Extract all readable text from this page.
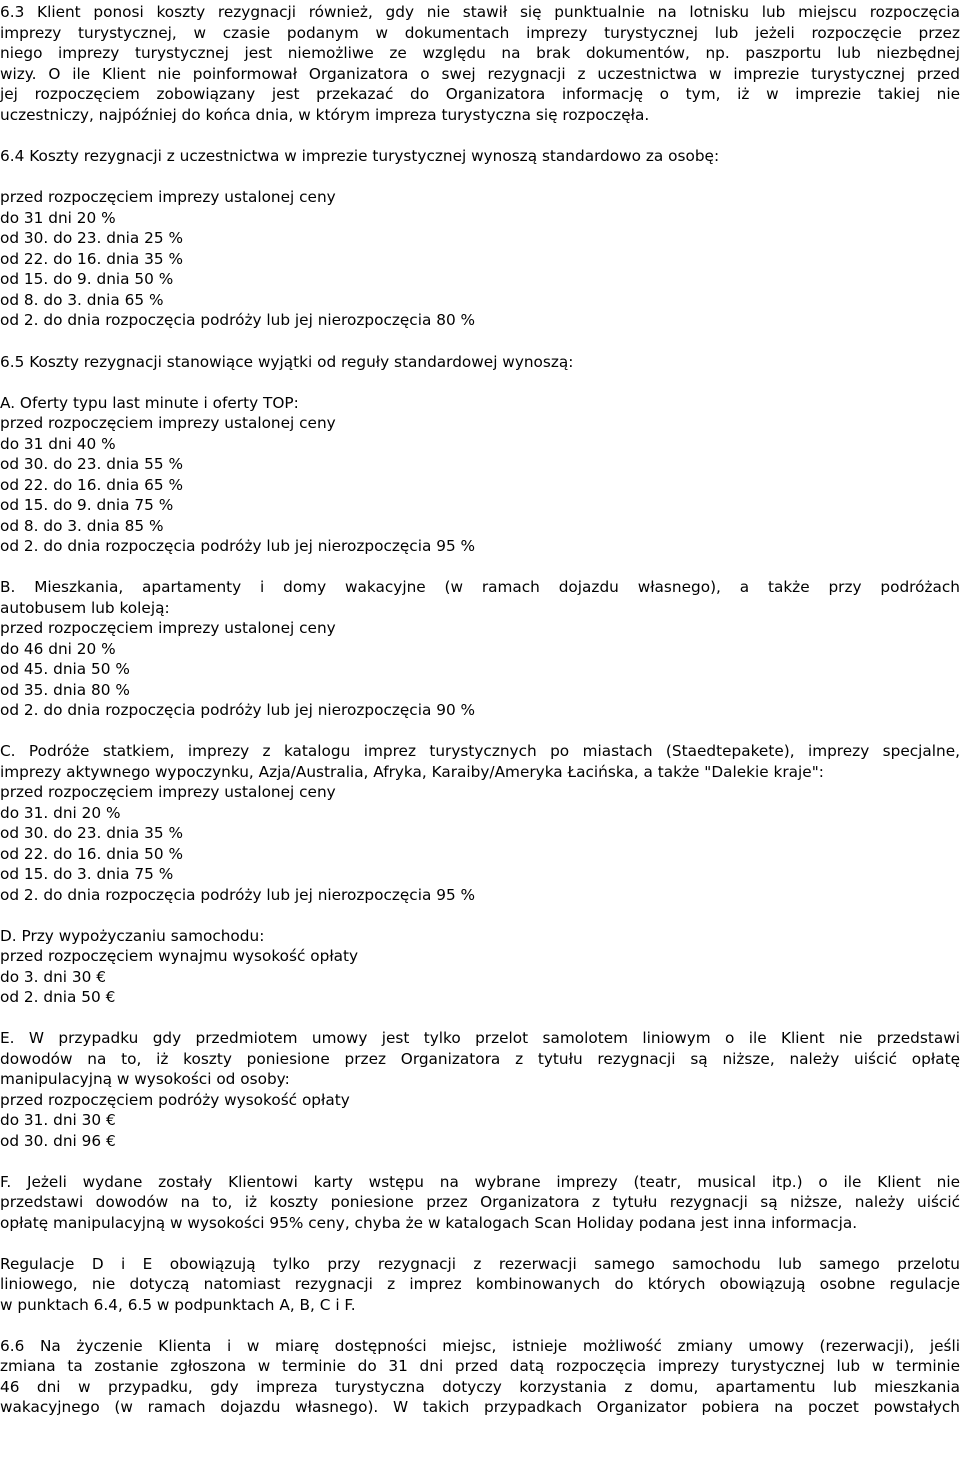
6.3 Klient ponosi koszty rezygnacji również, gdy nie stawił się punktualnie na lotnisku lub miejscu rozpoczęcia
imprezy turystycznej, w czasie podanym w dokumentach imprezy turystycznej lub jeżeli rozpoczęcie przez
niego imprezy turystycznej jest niemożliwe ze względu na brak dokumentów, np. paszportu lub niezbędnej
wizy. O ile Klient nie poinformował Organizatora o swej rezygnacji z uczestnictwa w imprezie turystycznej przed
jej rozpoczęciem zobowiązany jest przekazać do Organizatora informację o tym, iż w imprezie takiej nie
uczestniczy, najpóźniej do końca dnia, w którym impreza turystyczna się rozpoczęła.
6.4 Koszty rezygnacji z uczestnictwa w imprezie turystycznej wynoszą standardowo za osobę:
przed rozpoczęciem imprezy ustalonej ceny
do 31 dni 20 %
od 30. do 23. dnia 25 %
od 22. do 16. dnia 35 %
od 15. do 9. dnia 50 %
od 8. do 3. dnia 65 %
od 2. do dnia rozpoczęcia podróży lub jej nierozpoczęcia 80 %
6.5 Koszty rezygnacji stanowiące wyjątki od reguły standardowej wynoszą:
A. Oferty typu last minute i oferty TOP:
przed rozpoczęciem imprezy ustalonej ceny
do 31 dni 40 %
od 30. do 23. dnia 55 %
od 22. do 16. dnia 65 %
od 15. do 9. dnia 75 %
od 8. do 3. dnia 85 %
od 2. do dnia rozpoczęcia podróży lub jej nierozpoczęcia 95 %
B. Mieszkania, apartamenty i domy wakacyjne (w ramach dojazdu własnego), a także przy podróżach
autobusem lub koleją:
przed rozpoczęciem imprezy ustalonej ceny
do 46 dni 20 %
od 45. dnia 50 %
od 35. dnia 80 %
od 2. do dnia rozpoczęcia podróży lub jej nierozpoczęcia 90 %
C. Podróże statkiem, imprezy z katalogu imprez turystycznych po miastach (Staedtepakete), imprezy specjalne,
imprezy aktywnego wypoczynku, Azja/Australia, Afryka, Karaiby/Ameryka Łacińska, a także "Dalekie kraje":
przed rozpoczęciem imprezy ustalonej ceny
do 31. dni 20 %
od 30. do 23. dnia 35 %
od 22. do 16. dnia 50 %
od 15. do 3. dnia 75 %
od 2. do dnia rozpoczęcia podróży lub jej nierozpoczęcia 95 %
D. Przy wypożyczaniu samochodu:
przed rozpoczęciem wynajmu wysokość opłaty
do 3. dni 30 €
od 2. dnia 50 €
E. W przypadku gdy przedmiotem umowy jest tylko przelot samolotem liniowym o ile Klient nie przedstawi
dowodów na to, iż koszty poniesione przez Organizatora z tytułu rezygnacji są niższe, należy uiścić opłatę
manipulacyjną w wysokości od osoby:
przed rozpoczęciem podróży wysokość opłaty
do 31. dni 30 €
od 30. dni 96 €
F. Jeżeli wydane zostały Klientowi karty wstępu na wybrane imprezy (teatr, musical itp.) o ile Klient nie
przedstawi dowodów na to, iż koszty poniesione przez Organizatora z tytułu rezygnacji są niższe, należy uiścić
opłatę manipulacyjną w wysokości 95% ceny, chyba że w katalogach Scan Holiday podana jest inna informacja.
Regulacje D i E obowiązują tylko przy rezygnacji z rezerwacji samego samochodu lub samego przelotu
liniowego, nie dotyczą natomiast rezygnacji z imprez kombinowanych do których obowiązują osobne regulacje
w punktach 6.4, 6.5 w podpunktach A, B, C i F.
6.6 Na życzenie Klienta i w miarę dostępności miejsc, istnieje możliwość zmiany umowy (rezerwacji), jeśli
zmiana ta zostanie zgłoszona w terminie do 31 dni przed datą rozpoczęcia imprezy turystycznej lub w terminie
46 dni w przypadku, gdy impreza turystyczna dotyczy korzystania z domu, apartamentu lub mieszkania
wakacyjnego (w ramach dojazdu własnego). W takich przypadkach Organizator pobiera na poczet powstałych
